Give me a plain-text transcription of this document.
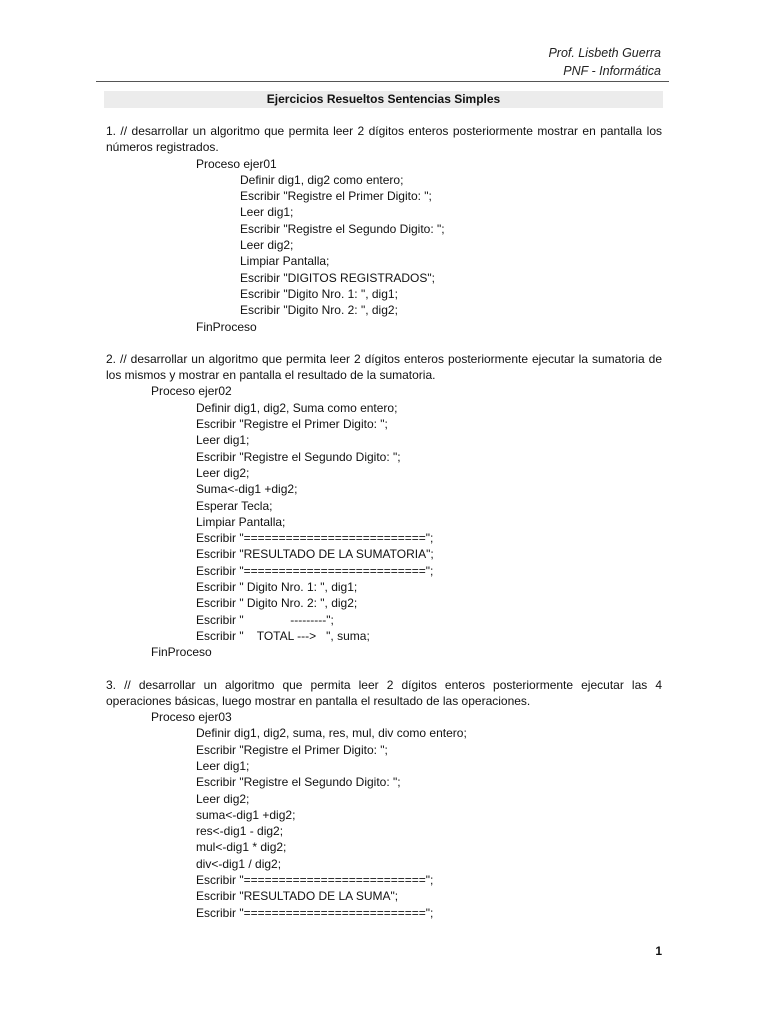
Prof. Lisbeth Guerra
PNF - Informática
Ejercicios Resueltos Sentencias Simples

1. // desarrollar un algoritmo que permita leer 2 dígitos enteros posteriormente mostrar en pantalla los números registrados.

Proceso ejer01
Definir dig1, dig2 como entero;
Escribir "Registre el Primer Digito: ";
Leer dig1;
Escribir "Registre el Segundo Digito: ";
Leer dig2;
Limpiar Pantalla;
Escribir "DIGITOS REGISTRADOS";
Escribir "Digito Nro. 1: ", dig1;
Escribir "Digito Nro. 2: ", dig2;
FinProceso

2. // desarrollar un algoritmo que permita leer 2 dígitos enteros posteriormente ejecutar la sumatoria de los mismos y mostrar en pantalla el resultado de la sumatoria.

Proceso ejer02
Definir dig1, dig2, Suma como entero;
Escribir "Registre el Primer Digito: ";
Leer dig1;
Escribir "Registre el Segundo Digito: ";
Leer dig2;
Suma<-dig1 +dig2;
Esperar Tecla;
Limpiar Pantalla;
Escribir "==========================";
Escribir "RESULTADO DE LA SUMATORIA";
Escribir "==========================";
Escribir " Digito Nro. 1: ", dig1;
Escribir " Digito Nro. 2: ", dig2;
Escribir "              ---------";
Escribir "    TOTAL --->   ", suma;
FinProceso

3. // desarrollar un algoritmo que permita leer 2 dígitos enteros posteriormente ejecutar las 4 operaciones básicas, luego mostrar en pantalla el resultado de las operaciones.

Proceso ejer03
Definir dig1, dig2, suma, res, mul, div como entero;
Escribir "Registre el Primer Digito: ";
Leer dig1;
Escribir "Registre el Segundo Digito: ";
Leer dig2;
suma<-dig1 +dig2;
res<-dig1 - dig2;
mul<-dig1 * dig2;
div<-dig1 / dig2;
Escribir "==========================";
Escribir "RESULTADO DE LA SUMA";
Escribir "==========================";
1
